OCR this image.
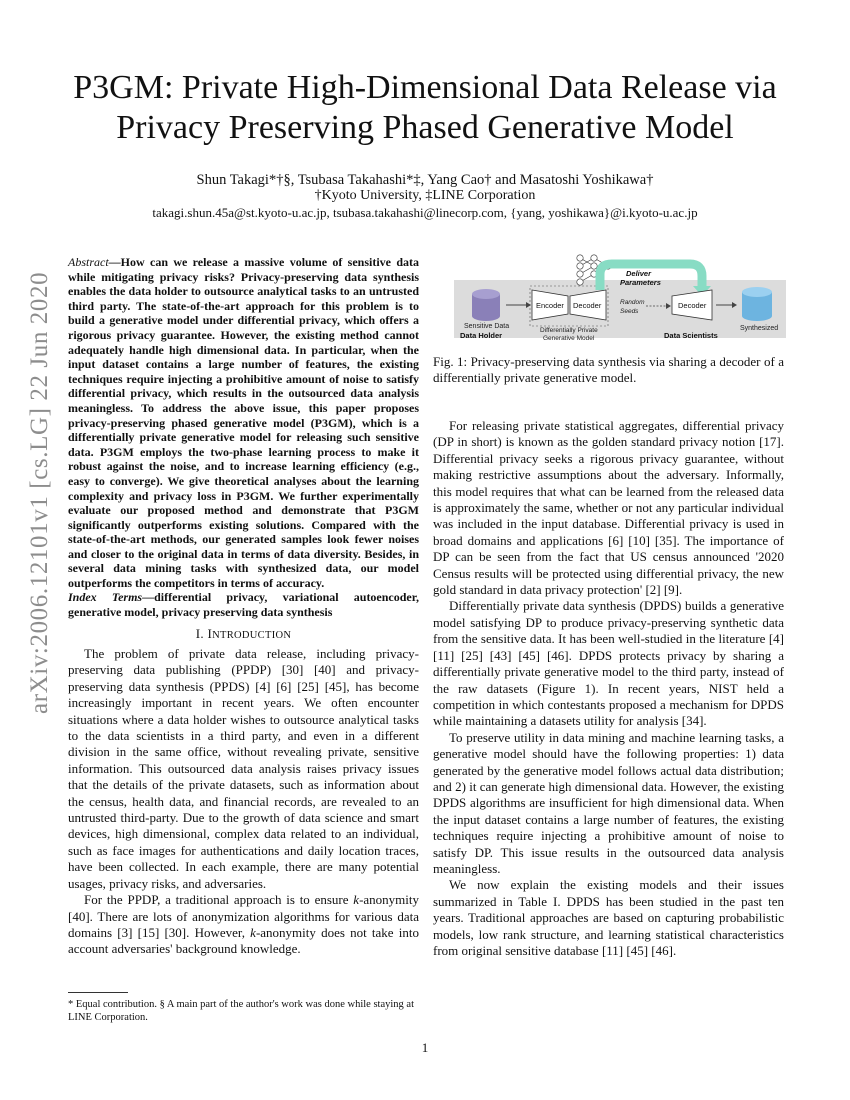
arXiv:2006.12101v1 [cs.LG] 22 Jun 2020
P3GM: Private High-Dimensional Data Release via
Privacy Preserving Phased Generative Model
Shun Takagi*†§, Tsubasa Takahashi*‡, Yang Cao† and Masatoshi Yoshikawa†
†Kyoto University, ‡LINE Corporation
takagi.shun.45a@st.kyoto-u.ac.jp, tsubasa.takahashi@linecorp.com, {yang, yoshikawa}@i.kyoto-u.ac.jp
Abstract—How can we release a massive volume of sensitive data while mitigating privacy risks? Privacy-preserving data synthesis enables the data holder to outsource analytical tasks to an untrusted third party. The state-of-the-art approach for this problem is to build a generative model under differential privacy, which offers a rigorous privacy guarantee. However, the existing method cannot adequately handle high dimensional data. In particular, when the input dataset contains a large number of features, the existing techniques require injecting a prohibitive amount of noise to satisfy differential privacy, which results in the outsourced data analysis meaningless. To address the above issue, this paper proposes privacy-preserving phased generative model (P3GM), which is a differentially private generative model for releasing such sensitive data. P3GM employs the two-phase learning process to make it robust against the noise, and to increase learning efficiency (e.g., easy to converge). We give theoretical analyses about the learning complexity and privacy loss in P3GM. We further experimentally evaluate our proposed method and demonstrate that P3GM significantly outperforms existing solutions. Compared with the state-of-the-art methods, our generated samples look fewer noises and closer to the original data in terms of data diversity. Besides, in several data mining tasks with synthesized data, our model outperforms the competitors in terms of accuracy.
Index Terms—differential privacy, variational autoencoder, generative model, privacy preserving data synthesis
I. INTRODUCTION

The problem of private data release, including privacy-preserving data publishing (PPDP) [30] [40] and privacy-preserving data synthesis (PPDS) [4] [6] [25] [45], has become increasingly important in recent years. We often encounter situations where a data holder wishes to outsource analytical tasks to the data scientists in a third party, and even in a different division in the same office, without revealing private, sensitive information. This outsourced data analysis raises privacy issues that the details of the private datasets, such as information about the census, health data, and financial records, are revealed to an untrusted third-party. Due to the growth of data science and smart devices, high dimensional, complex data related to an individual, such as face images for authentications and daily location traces, have been collected. In each example, there are many potential usages, privacy risks, and adversaries.

For the PPDP, a traditional approach is to ensure k-anonymity [40]. There are lots of anonymization algorithms for various data domains [3] [15] [30]. However, k-anonymity does not take into account adversaries' background knowledge.

* Equal contribution. § A main part of the author's work was done while staying at LINE Corporation.
Sensitive Data
Data Holder
Encoder Decoder
Differentially Private
Generative Model
Deliver
Parameters
Random
Seeds
Decoder
Data Scientists
Synthesized
Fig. 1: Privacy-preserving data synthesis via sharing a decoder of a differentially private generative model.

For releasing private statistical aggregates, differential privacy (DP in short) is known as the golden standard privacy notion [17]. Differential privacy seeks a rigorous privacy guarantee, without making restrictive assumptions about the adversary. Informally, this model requires that what can be learned from the released data is approximately the same, whether or not any particular individual was included in the input database. Differential privacy is used in broad domains and applications [6] [10] [35]. The importance of DP can be seen from the fact that US census announced '2020 Census results will be protected using differential privacy, the new gold standard in data privacy protection' [2] [9].

Differentially private data synthesis (DPDS) builds a generative model satisfying DP to produce privacy-preserving synthetic data from the sensitive data. It has been well-studied in the literature [4] [11] [25] [43] [45] [46]. DPDS protects privacy by sharing a differentially private generative model to the third party, instead of the raw datasets (Figure 1). In recent years, NIST held a competition in which contestants proposed a mechanism for DPDS while maintaining a datasets utility for analysis [34].

To preserve utility in data mining and machine learning tasks, a generative model should have the following properties: 1) data generated by the generative model follows actual data distribution; and 2) it can generate high dimensional data. However, the existing DPDS algorithms are insufficient for high dimensional data. When the input dataset contains a large number of features, the existing techniques require injecting a prohibitive amount of noise to satisfy DP. This issue results in the outsourced data analysis meaningless.

We now explain the existing models and their issues summarized in Table I. DPDS has been studied in the past ten years. Traditional approaches are based on capturing probabilistic models, low rank structure, and learning statistical characteristics from original sensitive database [11] [45] [46].

1
